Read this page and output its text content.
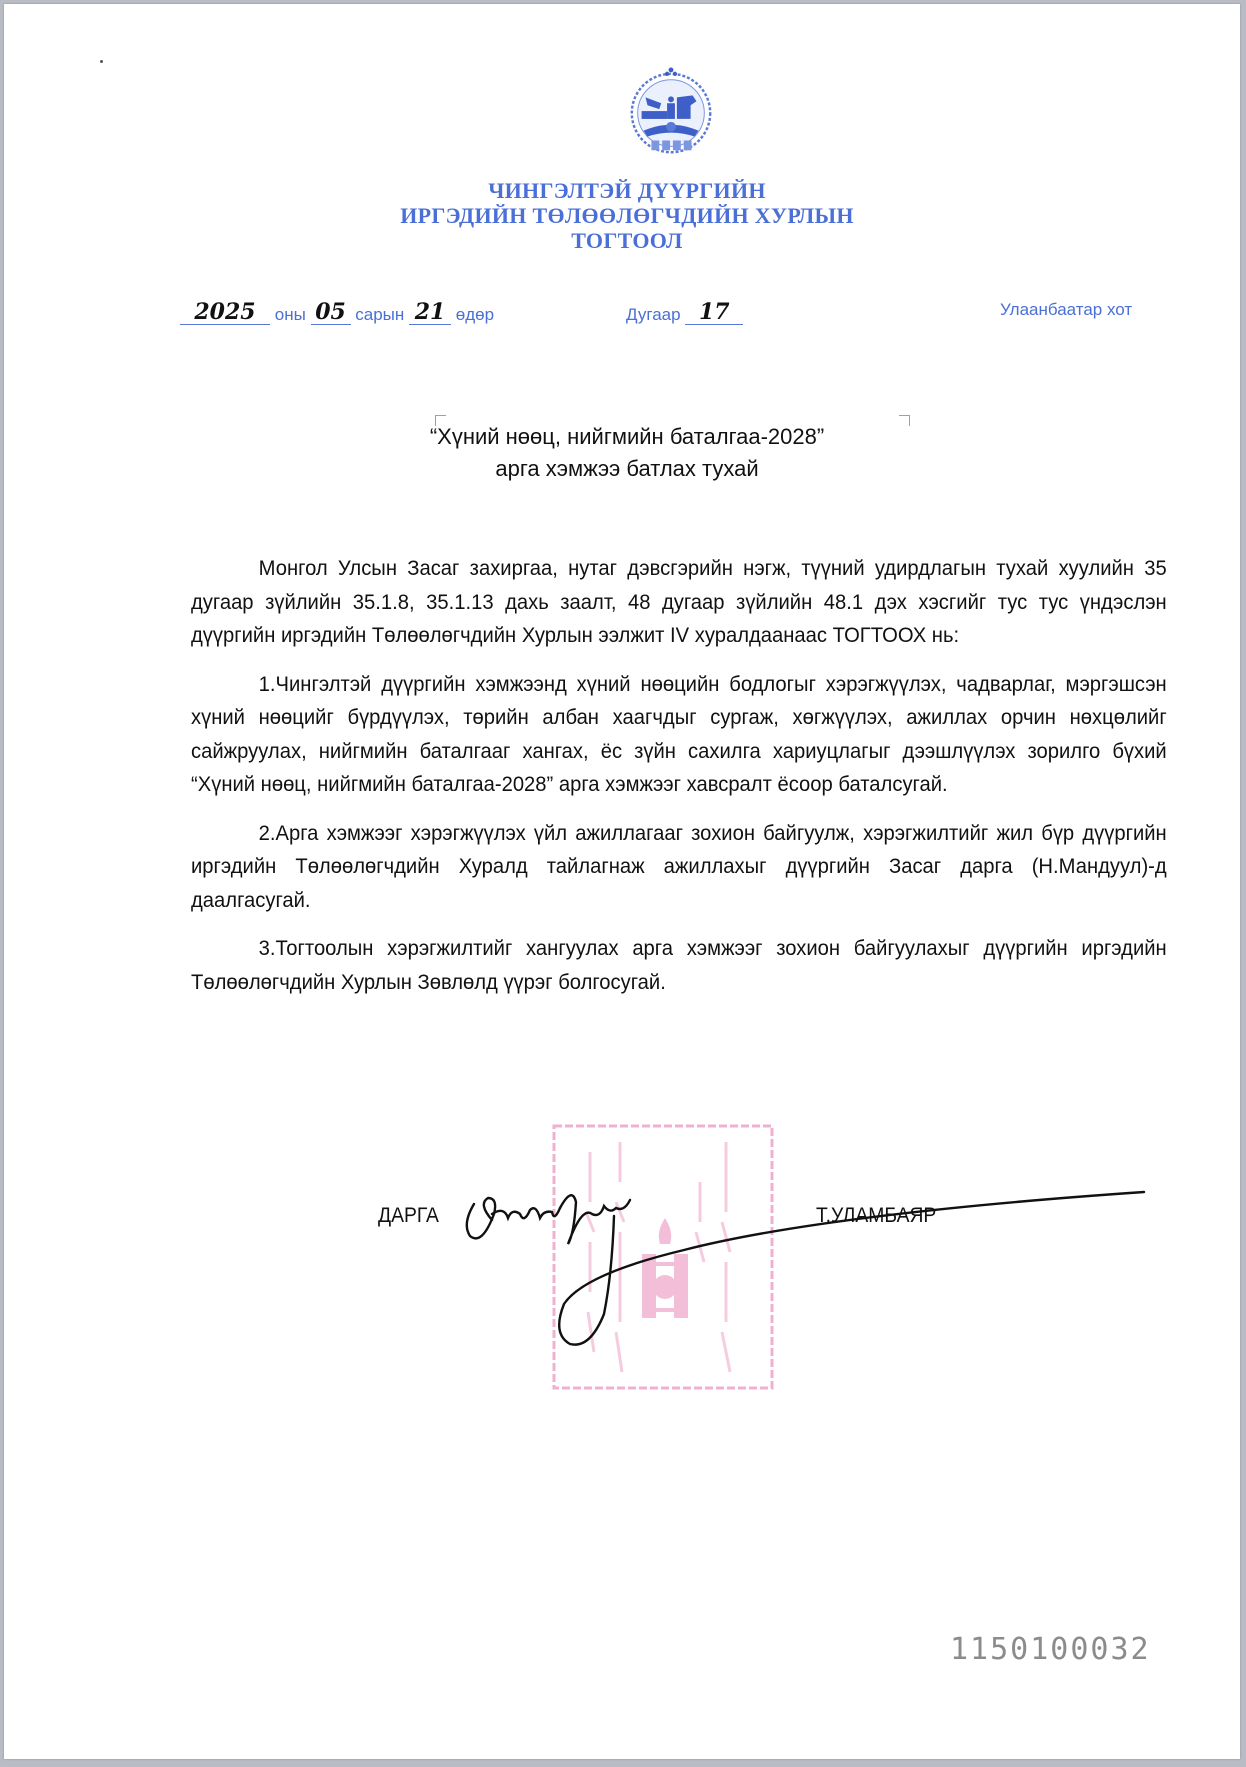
ЧИНГЭЛТЭЙ ДҮҮРГИЙН
ИРГЭДИЙН ТӨЛӨӨЛӨГЧДИЙН ХУРЛЫН
ТОГТООЛ
2025 оны 05 сарын 21 өдөр	Дугаар 17	Улаанбаатар хот
“Хүний нөөц, нийгмийн баталгаа-2028”
арга хэмжээ батлах тухай

Монгол Улсын Засаг захиргаа, нутаг дэвсгэрийн нэгж, түүний удирдлагын тухай хуулийн 35 дугаар зүйлийн 35.1.8, 35.1.13 дахь заалт, 48 дугаар зүйлийн 48.1 дэх хэсгийг тус тус үндэслэн дүүргийн иргэдийн Төлөөлөгчдийн Хурлын ээлжит IV хуралдаанаас ТОГТООХ нь:

1.Чингэлтэй дүүргийн хэмжээнд хүний нөөцийн бодлогыг хэрэгжүүлэх, чадварлаг, мэргэшсэн хүний нөөцийг бүрдүүлэх, төрийн албан хаагчдыг сургаж, хөгжүүлэх, ажиллах орчин нөхцөлийг сайжруулах, нийгмийн баталгааг хангах, ёс зүйн сахилга хариуцлагыг дээшлүүлэх зорилго бүхий “Хүний нөөц, нийгмийн баталгаа-2028” арга хэмжээг хавсралт ёсоор баталсугай.

2.Арга хэмжээг хэрэгжүүлэх үйл ажиллагааг зохион байгуулж, хэрэгжилтийг жил бүр дүүргийн иргэдийн Төлөөлөгчдийн Хуралд тайлагнаж ажиллахыг дүүргийн Засаг дарга (Н.Мандуул)-д даалгасугай.

3.Тогтоолын хэрэгжилтийг хангуулах арга хэмжээг зохион байгуулахыг дүүргийн иргэдийн Төлөөлөгчдийн Хурлын Зөвлөлд үүрэг болгосугай.

ДАРГА	Т.УЛАМБАЯР
1150100032
